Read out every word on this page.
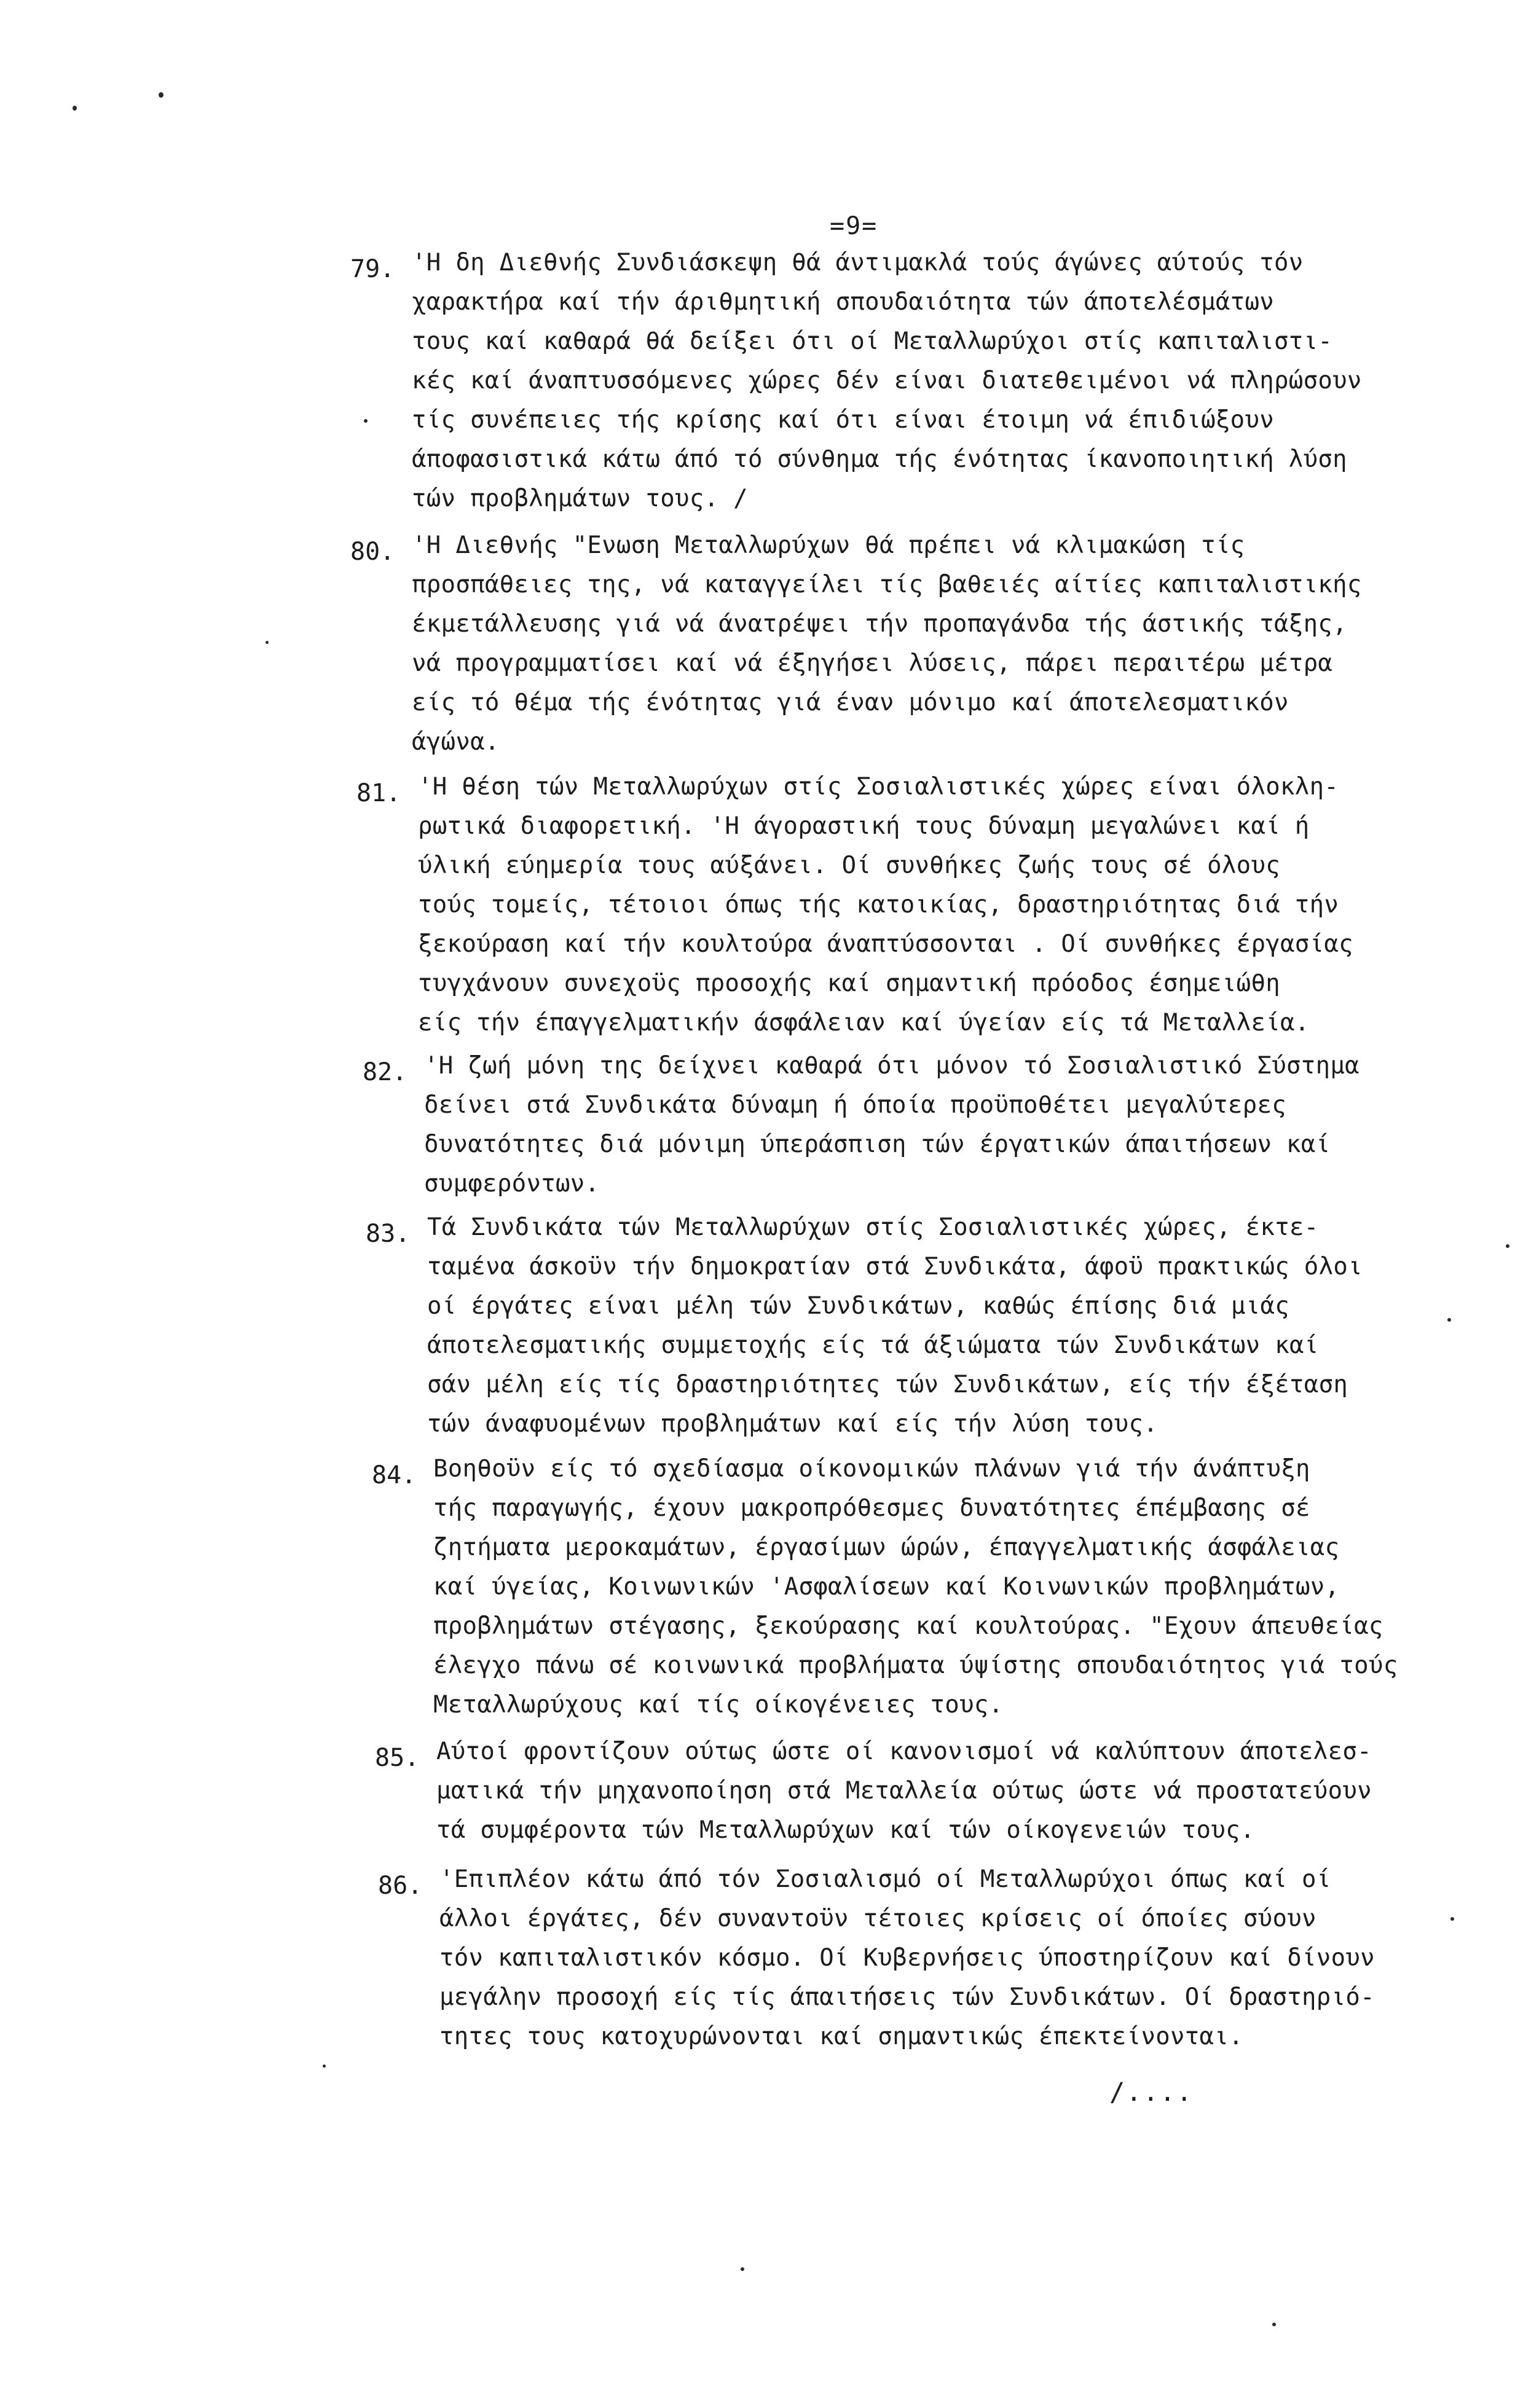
=9=
79. 'Η δη Διεθνής Συνδιάσκεψη θά άντιμακλά τούς άγώνες αύτούς τόν
χαρακτήρα καί τήν άριθμητική σπουδαιότητα τών άποτελέσμάτων
τους καί καθαρά θά δείξει ότι οί Μεταλλωρύχοι στίς καπιταλιστι-
κές καί άναπτυσσόμενες χώρες δέν είναι διατεθειμένοι νά πληρώσουν
τίς συνέπειες τής κρίσης καί ότι είναι έτοιμη νά έπιδιώξουν
άποφασιστικά κάτω άπό τό σύνθημα τής ένότητας ίκανοποιητική λύση
τών προβλημάτων τους. /
80. 'Η Διεθνής "Ενωση Μεταλλωρύχων θά πρέπει νά κλιμακώση τίς
προσπάθειες της, νά καταγγείλει τίς βαθειές αίτίες καπιταλιστικής
έκμετάλλευσης γιά νά άνατρέψει τήν προπαγάνδα τής άστικής τάξης,
νά προγραμματίσει καί νά έξηγήσει λύσεις, πάρει περαιτέρω μέτρα
είς τό θέμα τής ένότητας γιά έναν μόνιμο καί άποτελεσματικόν
άγώνα.
81. 'Η θέση τών Μεταλλωρύχων στίς Σοσιαλιστικές χώρες είναι όλοκλη-
ρωτικά διαφορετική. 'Η άγοραστική τους δύναμη μεγαλώνει καί ή
ύλική εύημερία τους αύξάνει. Οί συνθήκες ζωής τους σέ όλους
τούς τομείς, τέτοιοι όπως τής κατοικίας, δραστηριότητας διά τήν
ξεκούραση καί τήν κουλτούρα άναπτύσσονται . Οί συνθήκες έργασίας
τυγχάνουν συνεχοϋς προσοχής καί σημαντική πρόοδος έσημειώθη
είς τήν έπαγγελματικήν άσφάλειαν καί ύγείαν είς τά Μεταλλεία.
82. 'Η ζωή μόνη της δείχνει καθαρά ότι μόνον τό Σοσιαλιστικό Σύστημα
δείνει στά Συνδικάτα δύναμη ή όποία προϋποθέτει μεγαλύτερες
δυνατότητες διά μόνιμη ύπεράσπιση τών έργατικών άπαιτήσεων καί
συμφερόντων.
83. Τά Συνδικάτα τών Μεταλλωρύχων στίς Σοσιαλιστικές χώρες, έκτε-
ταμένα άσκοϋν τήν δημοκρατίαν στά Συνδικάτα, άφοϋ πρακτικώς όλοι
οί έργάτες είναι μέλη τών Συνδικάτων, καθώς έπίσης διά μιάς
άποτελεσματικής συμμετοχής είς τά άξιώματα τών Συνδικάτων καί
σάν μέλη είς τίς δραστηριότητες τών Συνδικάτων, είς τήν έξέταση
τών άναφυομένων προβλημάτων καί είς τήν λύση τους.
84. Βοηθοϋν είς τό σχεδίασμα οίκονομικών πλάνων γιά τήν άνάπτυξη
τής παραγωγής, έχουν μακροπρόθεσμες δυνατότητες έπέμβασης σέ
ζητήματα μεροκαμάτων, έργασίμων ώρών, έπαγγελματικής άσφάλειας
καί ύγείας, Κοινωνικών 'Ασφαλίσεων καί Κοινωνικών προβλημάτων,
προβλημάτων στέγασης, ξεκούρασης καί κουλτούρας. "Εχουν άπευθείας
έλεγχο πάνω σέ κοινωνικά προβλήματα ύψίστης σπουδαιότητος γιά τούς
Μεταλλωρύχους καί τίς οίκογένειες τους.
85. Αύτοί φροντίζουν ούτως ώστε οί κανονισμοί νά καλύπτουν άποτελεσ-
ματικά τήν μηχανοποίηση στά Μεταλλεία ούτως ώστε νά προστατεύουν
τά συμφέροντα τών Μεταλλωρύχων καί τών οίκογενειών τους.
86. 'Επιπλέον κάτω άπό τόν Σοσιαλισμό οί Μεταλλωρύχοι όπως καί οί
άλλοι έργάτες, δέν συναντοϋν τέτοιες κρίσεις οί όποίες σύουν
τόν καπιταλιστικόν κόσμο. Οί Κυβερνήσεις ύποστηρίζουν καί δίνουν
μεγάλην προσοχή είς τίς άπαιτήσεις τών Συνδικάτων. Οί δραστηριό-
τητες τους κατοχυρώνονται καί σημαντικώς έπεκτείνονται.
/....
